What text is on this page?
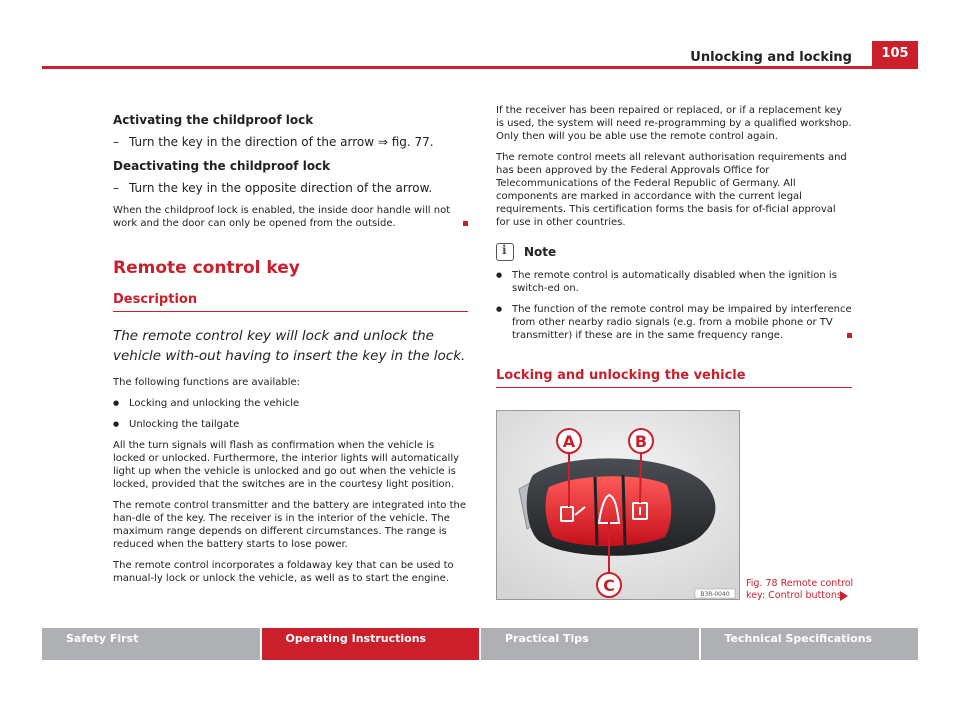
Unlocking and locking	105

Activating the childproof lock

– Turn the key in the direction of the arrow ⇒ fig. 77.

Deactivating the childproof lock

– Turn the key in the opposite direction of the arrow.

When the childproof lock is enabled, the inside door handle will not work and the door can only be opened from the outside.

Remote control key
Description

The remote control key will lock and unlock the vehicle with-out having to insert the key in the lock.

The following functions are available:

● Locking and unlocking the vehicle

● Unlocking the tailgate

All the turn signals will flash as confirmation when the vehicle is locked or unlocked. Furthermore, the interior lights will automatically light up when the vehicle is unlocked and go out when the vehicle is locked, provided that the switches are in the courtesy light position.

The remote control transmitter and the battery are integrated into the han-dle of the key. The receiver is in the interior of the vehicle. The maximum range depends on different circumstances. The range is reduced when the battery starts to lose power.

The remote control incorporates a foldaway key that can be used to manual-ly lock or unlock the vehicle, as well as to start the engine.

If the receiver has been repaired or replaced, or if a replacement key is used, the system will need re-programming by a qualified workshop. Only then will you be able use the remote control again.

The remote control meets all relevant authorisation requirements and has been approved by the Federal Approvals Office for Telecommunications of the Federal Republic of Germany. All components are marked in accordance with the current legal requirements. This certification forms the basis for of-ficial approval for use in other countries.

i
Note

● The remote control is automatically disabled when the ignition is switch-ed on.

● The function of the remote control may be impaired by interference from other nearby radio signals (e.g. from a mobile phone or TV transmitter) if these are in the same frequency range.

Locking and unlocking the vehicle
A	B
C	B3R-0040
Fig. 78 Remote control key: Control buttons
Safety First	Operating Instructions	Practical Tips	Technical Specifications
